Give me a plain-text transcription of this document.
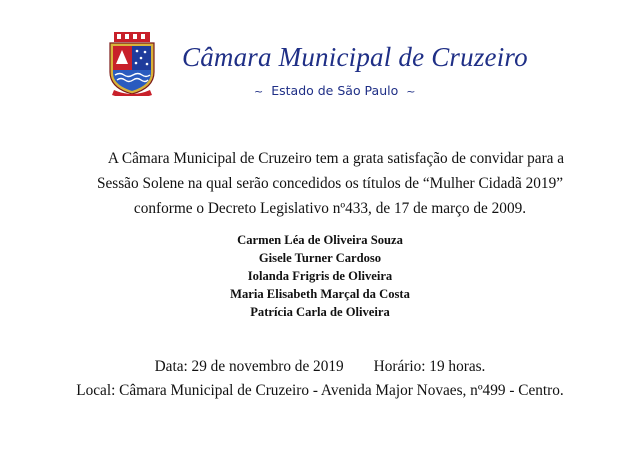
Câmara Municipal de Cruzeiro
~ Estado de São Paulo ~
A Câmara Municipal de Cruzeiro tem a grata satisfação de convidar para a
Sessão Solene na qual serão concedidos os títulos de “Mulher Cidadã 2019”
conforme o Decreto Legislativo nº433, de 17 de março de 2009.
Carmen Léa de Oliveira Souza
Gisele Turner Cardoso
Iolanda Frigris de Oliveira
Maria Elisabeth Marçal da Costa
Patrícia Carla de Oliveira
Data: 29 de novembro de 2019 Horário: 19 horas.
Local: Câmara Municipal de Cruzeiro - Avenida Major Novaes, nº499 - Centro.
